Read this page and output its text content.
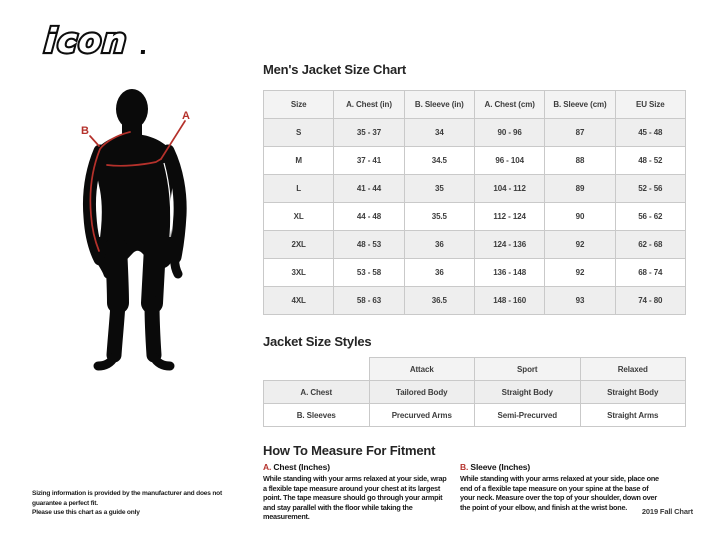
icon
B
A
Men's Jacket Size Chart
Size	A. Chest (in)	B. Sleeve (in)	A. Chest (cm)	B. Sleeve (cm)	EU Size
S	35 - 37	34	90 - 96	87	45 - 48
M	37 - 41	34.5	96 - 104	88	48 - 52
L	41 - 44	35	104 - 112	89	52 - 56
XL	44 - 48	35.5	112 - 124	90	56 - 62
2XL	48 - 53	36	124 - 136	92	62 - 68
3XL	53 - 58	36	136 - 148	92	68 - 74
4XL	58 - 63	36.5	148 - 160	93	74 - 80
Jacket Size Styles
	Attack	Sport	Relaxed
A. Chest	Tailored Body	Straight Body	Straight Body
B. Sleeves	Precurved Arms	Semi-Precurved	Straight Arms
How To Measure For Fitment
A. Chest (Inches)
While standing with your arms relaxed at your side, wrap a flexible tape measure around your chest at its largest point. The tape measure should go through your armpit and stay parallel with the floor while taking the measurement.
B. Sleeve (Inches)
While standing with your arms relaxed at your side, place one end of a flexible tape measure on your spine at the base of your neck. Measure over the top of your shoulder, down over the point of your elbow, and finish at the wrist bone.
Sizing information is provided by the manufacturer and does not guarantee a perfect fit.
Please use this chart as a guide only	2019 Fall Chart
